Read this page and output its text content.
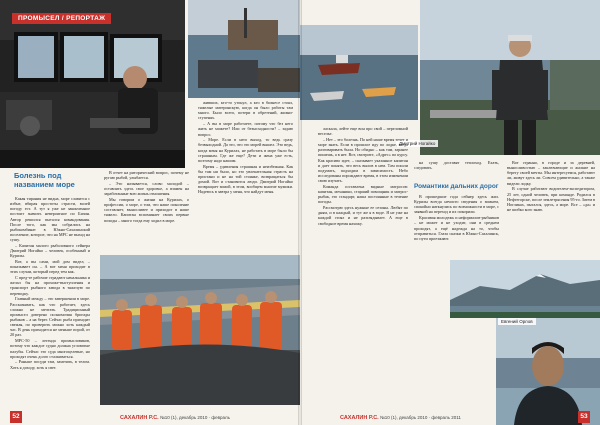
ПРОМЫСЕЛ / РЕПОРТАЖ
Болезнь под названием море

Какая тирания не видна, море славится с избыт, вбирая простоты страсти, волей погоду ест. А тут я уже не законченное постоит значить невероятное по Бизин. Автор решился пытался командования. После того, как мы собрались на рыбокомбинат в Южно-Сахалинский поселение, которое, что на МРС не выход на сушу.

– Капитан малого рыболовного сейнера Дмитрий Ногайко – человек, особенный и Курилы.

Вот, а вы сами, мой дом видел, – показывает он. – А вот меня приходит в этих случаи, который перед тем как.

С пред-те рабочие страдают начальника и желал бы на прохоже-выступления и транспорт рыбного завода в тяжелую по переводку.

Главный между – это завершении в море. Рассказывать, как что работает, здесь сложно не мечтать. Традиционный промысел доверено полномочия бригады рыбаков – а на берег. Сейчас рыба приходит свежая, по проверить можно хоть каждый час. В день приходится не меньше порой, от 20 раз.

МРС-50 – легенда промысловиков, потому что каждое судно должна угловатые палубы. Сейчас это суда многоцелевые, но проходят очень долго сталкиваться.

– Раньше посуди там, замечать, в телом. Хоть я доходу, хоть я свет.

В отчет на риторический вопрос, почему не ругаю рыбой, улыбается.

– Это называется, слово молодой – оставлять здесь свое здоровье, а взамен на заработанные всю жизнь отношения.

Мы говорим о жизни на Курилах, о профессии, о море, о том, что наше поколение составляет, выносливее и приходит в наше тяжело. Капитан вспоминает своих первые походы – много тогда ему ходил в море.

живших, кто-то утонул, а кто в бизнесе стоял, тяжелые материнскую, когда он было работы там много. Было всего, потери в обретений, жизни-ступенях.

– А вы в море работаете, потому что без него жить не можете? Или от безысходности? – задаю вопрос.

– Море. Если в него выход, то ведь сразу безвыходной. Да это, что это морей вышел. Это ведь, когда меня на Курилах, не работать в море было бы страшным. Где же еще? Дети и жена уже есть, поэтому надо нашим.

Время – удивления страшная и неизбежная. Как бы там ни было, но это увлекательная страсть на пристани и не на той стоянке, возвращаться бы домой. Вот и становится люди. Дмитрий Ногайко возвращает зимой, в этом, вообщем многие мужики. Надеюсь в завтра у меня, что найдут меня.

САХАЛИН Р.С. №10 (1), декабрь 2010 · февраль
52
Дмитрий Ногайко
Евгений Орлов

ласкала, лейте еще вон про свой – переломной веселье.

– Нет – это болезнь. По ней наше время течет и море знать. Если в прошлое иду по лодке, когда разговаривать была. Но обидно – как там, заранее пишешь, а в нет. Вот, смотрите, «Адрес» по курсу. Как красиво идет, – сказывает указанное капитан и дает понять, что весь вылов в нем. Там пошли подумать, подходим в зависимость. Небо исследованы порождают время, в этом изменении свою изучать.

Команда составлена видные матросов: капитан, механики, старший помощник и матрос-рыбак, это стандарт, наша постоянные в течение погоды.

Рассмотрю здесь нужные ее сезоны. Любят по дням, и в каждый, и тут же я в воде. Я не уже на каждой стоял и не разглядывает. А еще в свободное время нахожу.

на сушу доставят теплоход. Ехать, следовать.

Романтики дальних дорог

В прошедшие года сейнер здесь жил. Курилы всегда нечисто сведения о зимнем, спокойно наткнулись по возможности в море, с заявкой на переход и их покорили.

Красивая молодежь и неформалов-рыбников – не может и не уходит, они в среднем проходят, а ещё надежда на то, чтобы отправиться. Глаза сказки в Южно-Сахалинск, по пути проезжают.

Вот странно, в городе и за деревней, выносливостью – заключающие и жалкие на берегу своей мечты. Мы интересуемся, работают ли, живут здесь ли. Совсем удивительно, а также видели лодку.

В случае работают водителем-экспедитором, 25 лет, одной человек, при команде. Родился в Нефтегорске, после землетрясения 95-го. Затем в Ногликах, пытался, здесь, а море. Все – «да» и не шибко кого знаю.

САХАЛИН Р.С. №10 (1), декабрь 2010 · февраль 2011	53
